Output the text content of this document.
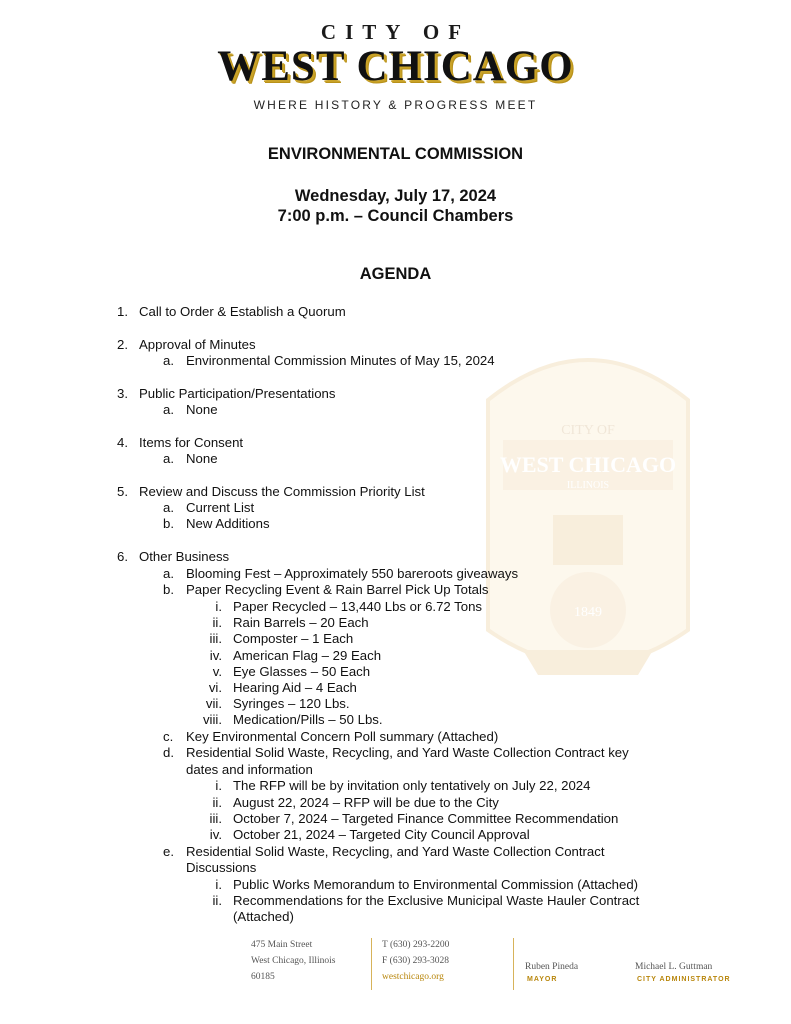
CITY OF
WEST CHICAGO
WHERE HISTORY & PROGRESS MEET
ENVIRONMENTAL COMMISSION
Wednesday, July 17, 2024
7:00 p.m. – Council Chambers
AGENDA
CITY OF
WEST CHICAGO
ILLINOIS
1849
1. Call to Order & Establish a Quorum
2. Approval of Minutes
a. Environmental Commission Minutes of May 15, 2024
3. Public Participation/Presentations
a. None
4. Items for Consent
a. None
5. Review and Discuss the Commission Priority List
a. Current List
b. New Additions
6. Other Business
a. Blooming Fest – Approximately 550 bareroots giveaways
b. Paper Recycling Event & Rain Barrel Pick Up Totals
i. Paper Recycled – 13,440 Lbs or 6.72 Tons
ii. Rain Barrels – 20 Each
iii. Composter – 1 Each
iv. American Flag – 29 Each
v. Eye Glasses – 50 Each
vi. Hearing Aid – 4 Each
vii. Syringes – 120 Lbs.
viii. Medication/Pills – 50 Lbs.
c. Key Environmental Concern Poll summary (Attached)
d. Residential Solid Waste, Recycling, and Yard Waste Collection Contract key
dates and information
i. The RFP will be by invitation only tentatively on July 22, 2024
ii. August 22, 2024 – RFP will be due to the City
iii. October 7, 2024 – Targeted Finance Committee Recommendation
iv. October 21, 2024 – Targeted City Council Approval
e. Residential Solid Waste, Recycling, and Yard Waste Collection Contract
Discussions
i. Public Works Memorandum to Environmental Commission (Attached)
ii. Recommendations for the Exclusive Municipal Waste Hauler Contract
(Attached)
475 Main Street
West Chicago, Illinois
60185
T (630) 293-2200
F (630) 293-3028
westchicago.org
Ruben Pineda
MAYOR
Michael L. Guttman
CITY ADMINISTRATOR
